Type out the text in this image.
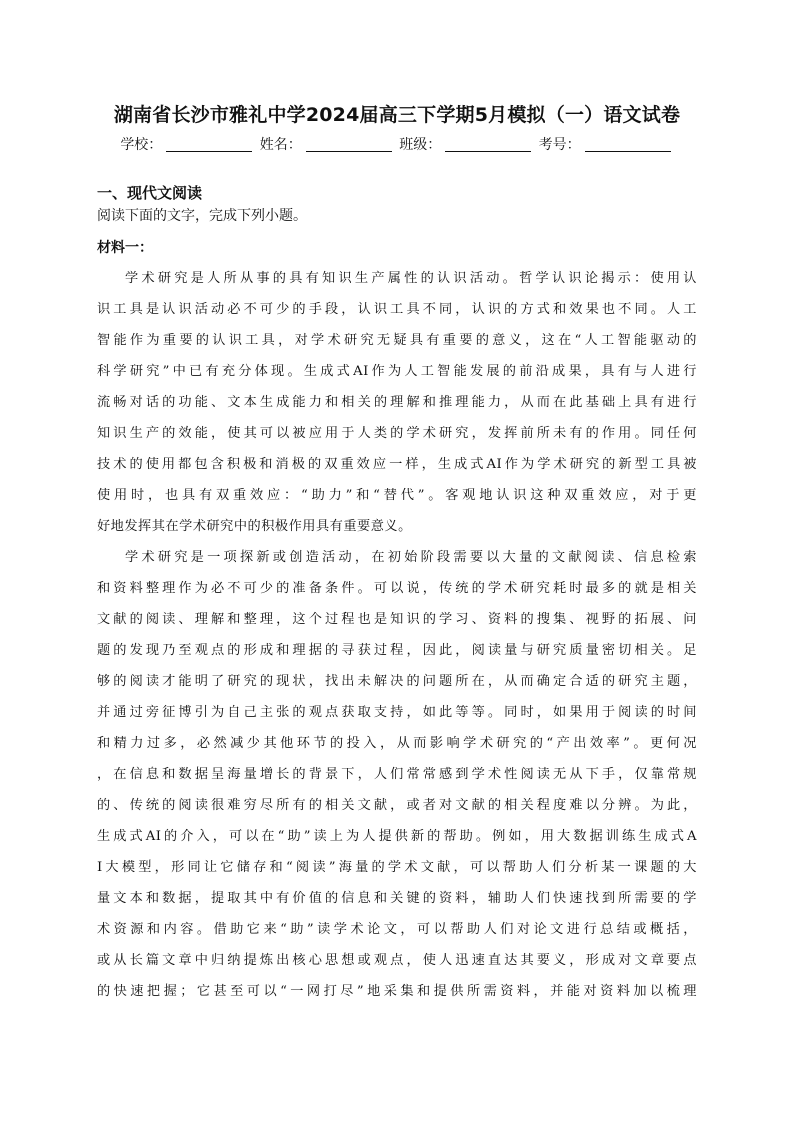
湖南省长沙市雅礼中学2024届高三下学期5月模拟（一）语文试卷
学校：	姓名：	班级：	考号：
一、现代文阅读
阅读下面的文字，完成下列小题。
材料一：
学术研究是人所从事的具有知识生产属性的认识活动。哲学认识论揭示：使用认
识工具是认识活动必不可少的手段，认识工具不同，认识的方式和效果也不同。人工
智能作为重要的认识工具，对学术研究无疑具有重要的意义，这在“人工智能驱动的
科学研究”中已有充分体现。生成式AI作为人工智能发展的前沿成果，具有与人进行
流畅对话的功能、文本生成能力和相关的理解和推理能力，从而在此基础上具有进行
知识生产的效能，使其可以被应用于人类的学术研究，发挥前所未有的作用。同任何
技术的使用都包含积极和消极的双重效应一样，生成式AI作为学术研究的新型工具被
使用时，也具有双重效应：“助力”和“替代”。客观地认识这种双重效应，对于更
好地发挥其在学术研究中的积极作用具有重要意义。
学术研究是一项探新或创造活动，在初始阶段需要以大量的文献阅读、信息检索
和资料整理作为必不可少的准备条件。可以说，传统的学术研究耗时最多的就是相关
文献的阅读、理解和整理，这个过程也是知识的学习、资料的搜集、视野的拓展、问
题的发现乃至观点的形成和理据的寻获过程，因此，阅读量与研究质量密切相关。足
够的阅读才能明了研究的现状，找出未解决的问题所在，从而确定合适的研究主题，
并通过旁征博引为自己主张的观点获取支持，如此等等。同时，如果用于阅读的时间
和精力过多，必然减少其他环节的投入，从而影响学术研究的“产出效率”。更何况
，在信息和数据呈海量增长的背景下，人们常常感到学术性阅读无从下手，仅靠常规
的、传统的阅读很难穷尽所有的相关文献，或者对文献的相关程度难以分辨。为此，
生成式AI的介入，可以在“助”读上为人提供新的帮助。例如，用大数据训练生成式A
I大模型，形同让它储存和“阅读”海量的学术文献，可以帮助人们分析某一课题的大
量文本和数据，提取其中有价值的信息和关键的资料，辅助人们快速找到所需要的学
术资源和内容。借助它来“助”读学术论文，可以帮助人们对论文进行总结或概括，
或从长篇文章中归纳提炼出核心思想或观点，使人迅速直达其要义，形成对文章要点
的快速把握；它甚至可以“一网打尽”地采集和提供所需资料，并能对资料加以梳理
